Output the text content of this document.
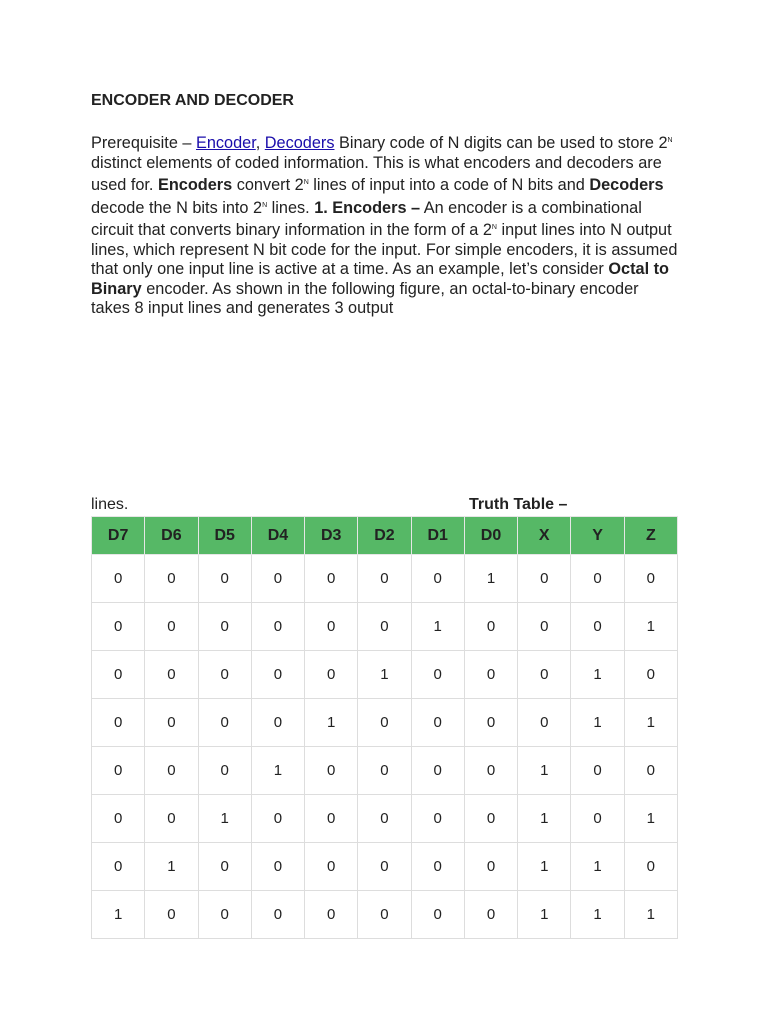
ENCODER AND DECODER
Prerequisite – Encoder, Decoders Binary code of N digits can be used to store $2^N$ distinct elements of coded information. This is what encoders and decoders are used for. Encoders convert $2^N$ lines of input into a code of N bits and Decoders decode the N bits into $2^N$ lines. 1. Encoders – An encoder is a combinational circuit that converts binary information in the form of a $2^N$ input lines into N output lines, which represent N bit code for the input. For simple encoders, it is assumed that only one input line is active at a time. As an example, let’s consider Octal to Binary encoder. As shown in the following figure, an octal-to-binary encoder takes 8 input lines and generates 3 output
lines.	Truth Table –
D7	D6	D5	D4	D3	D2	D1	D0	X	Y	Z
0	0	0	0	0	0	0	1	0	0	0
0	0	0	0	0	0	1	0	0	0	1
0	0	0	0	0	1	0	0	0	1	0
0	0	0	0	1	0	0	0	0	1	1
0	0	0	1	0	0	0	0	1	0	0
0	0	1	0	0	0	0	0	1	0	1
0	1	0	0	0	0	0	0	1	1	0
1	0	0	0	0	0	0	0	1	1	1
